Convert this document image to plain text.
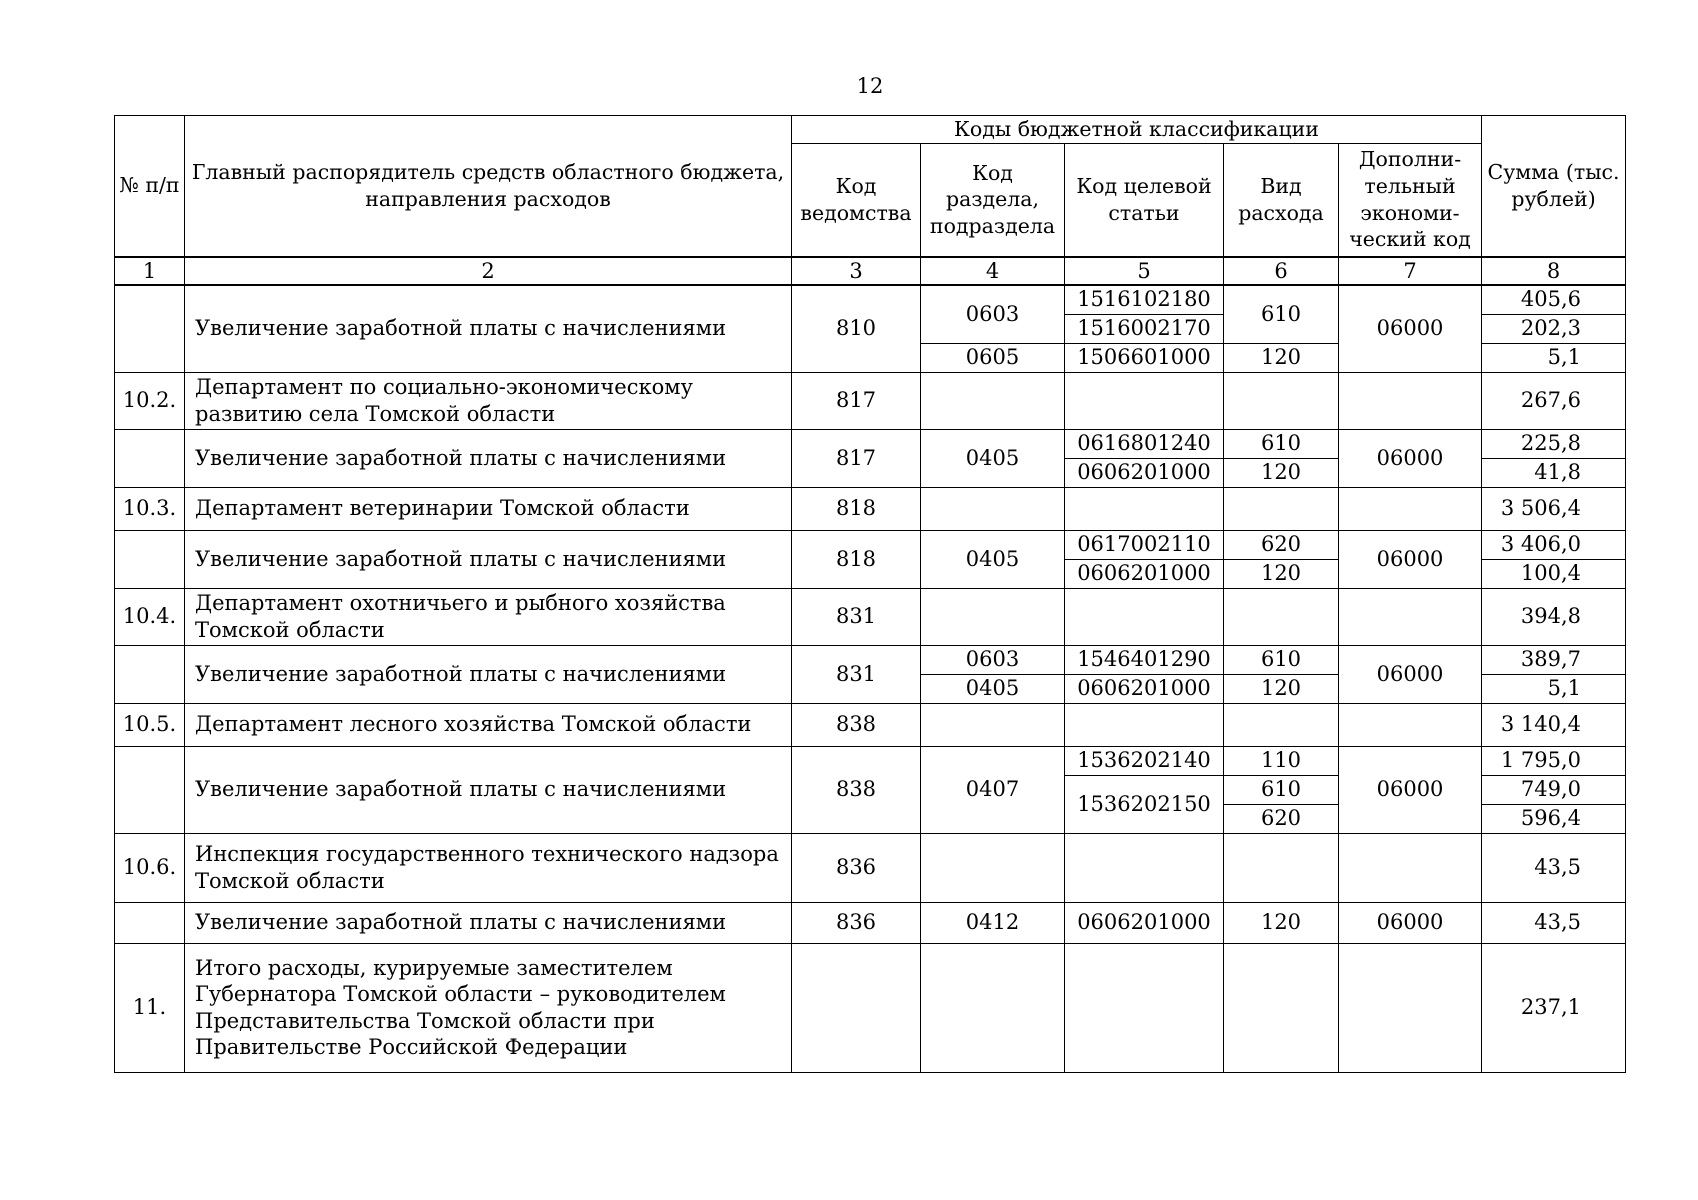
12
№ п/п	Главный распорядитель средств областного бюджета, направления расходов	Коды бюджетной классификации					Сумма (тыс. рублей)
		Код ведомства	Код раздела, подраздела	Код целевой статьи	Вид расхода	Дополни-тельный экономи-ческий код	
1	2	3	4	5	6	7	8
	Увеличение заработной платы с начислениями	810	0603	1516102180	610	06000	405,6
				1516002170			202,3
			0605	1506601000	120		5,1
10.2.	Департамент по социально-экономическому развитию села Томской области	817					267,6
	Увеличение заработной платы с начислениями	817	0405	0616801240	610	06000	225,8
				0606201000	120		41,8
10.3.	Департамент ветеринарии Томской области	818					3 506,4
	Увеличение заработной платы с начислениями	818	0405	0617002110	620	06000	3 406,0
				0606201000	120		100,4
10.4.	Департамент охотничьего и рыбного хозяйства Томской области	831					394,8
	Увеличение заработной платы с начислениями	831	0603	1546401290	610	06000	389,7
			0405	0606201000	120		5,1
10.5.	Департамент лесного хозяйства Томской области	838					3 140,4
	Увеличение заработной платы с начислениями	838	0407	1536202140	110	06000	1 795,0
				1536202150	610		749,0
					620		596,4
10.6.	Инспекция государственного технического надзора Томской области	836					43,5
	Увеличение заработной платы с начислениями	836	0412	0606201000	120	06000	43,5
11.	Итого расходы, курируемые заместителем Губернатора Томской области – руководителем Представительства Томской области при Правительстве Российской Федерации						237,1
